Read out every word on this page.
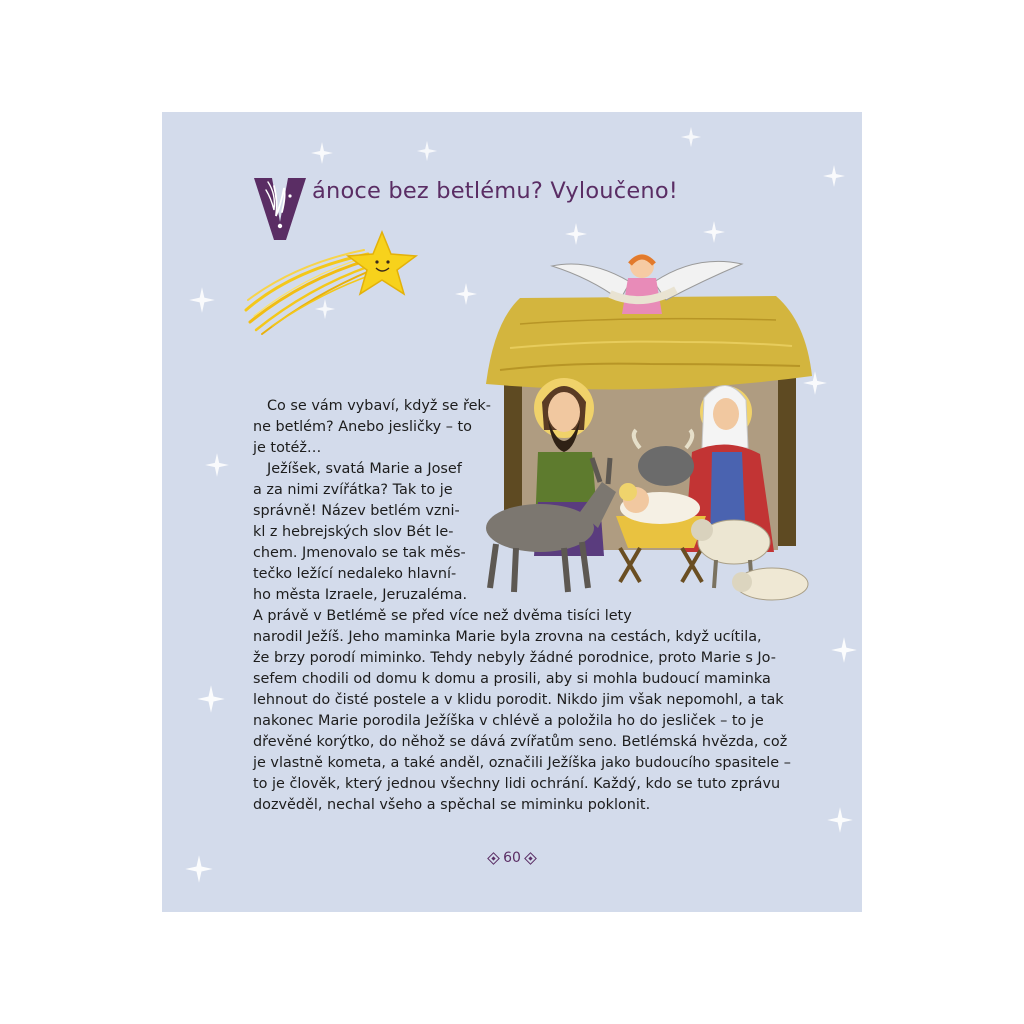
ánoce bez betlému? Vyloučeno!
Co se vám vybaví, když se řek-
ne betlém? Anebo jesličky – to
je totéž…
Ježíšek, svatá Marie a Josef
a za nimi zvířátka? Tak to je
správně! Název betlém vzni-
kl z hebrejských slov Bét le-
chem. Jmenovalo se tak měs-
tečko ležící nedaleko hlavní-
ho města Izraele, Jeruzaléma.
A právě v Betlémě se před více než dvěma tisíci lety
narodil Ježíš. Jeho maminka Marie byla zrovna na cestách, když ucítila,
že brzy porodí miminko. Tehdy nebyly žádné porodnice, proto Marie s Jo-
sefem chodili od domu k domu a prosili, aby si mohla budoucí maminka
lehnout do čisté postele a v klidu porodit. Nikdo jim však nepomohl, a tak
nakonec Marie porodila Ježíška v chlévě a položila ho do jesliček – to je
dřevěné korýtko, do něhož se dává zvířatům seno. Betlémská hvězda, což
je vlastně kometa, a také anděl, označili Ježíška jako budoucího spasitele –
to je člověk, který jednou všechny lidi ochrání. Každý, kdo se tuto zprávu
dozvěděl, nechal všeho a spěchal se miminku poklonit.
60
